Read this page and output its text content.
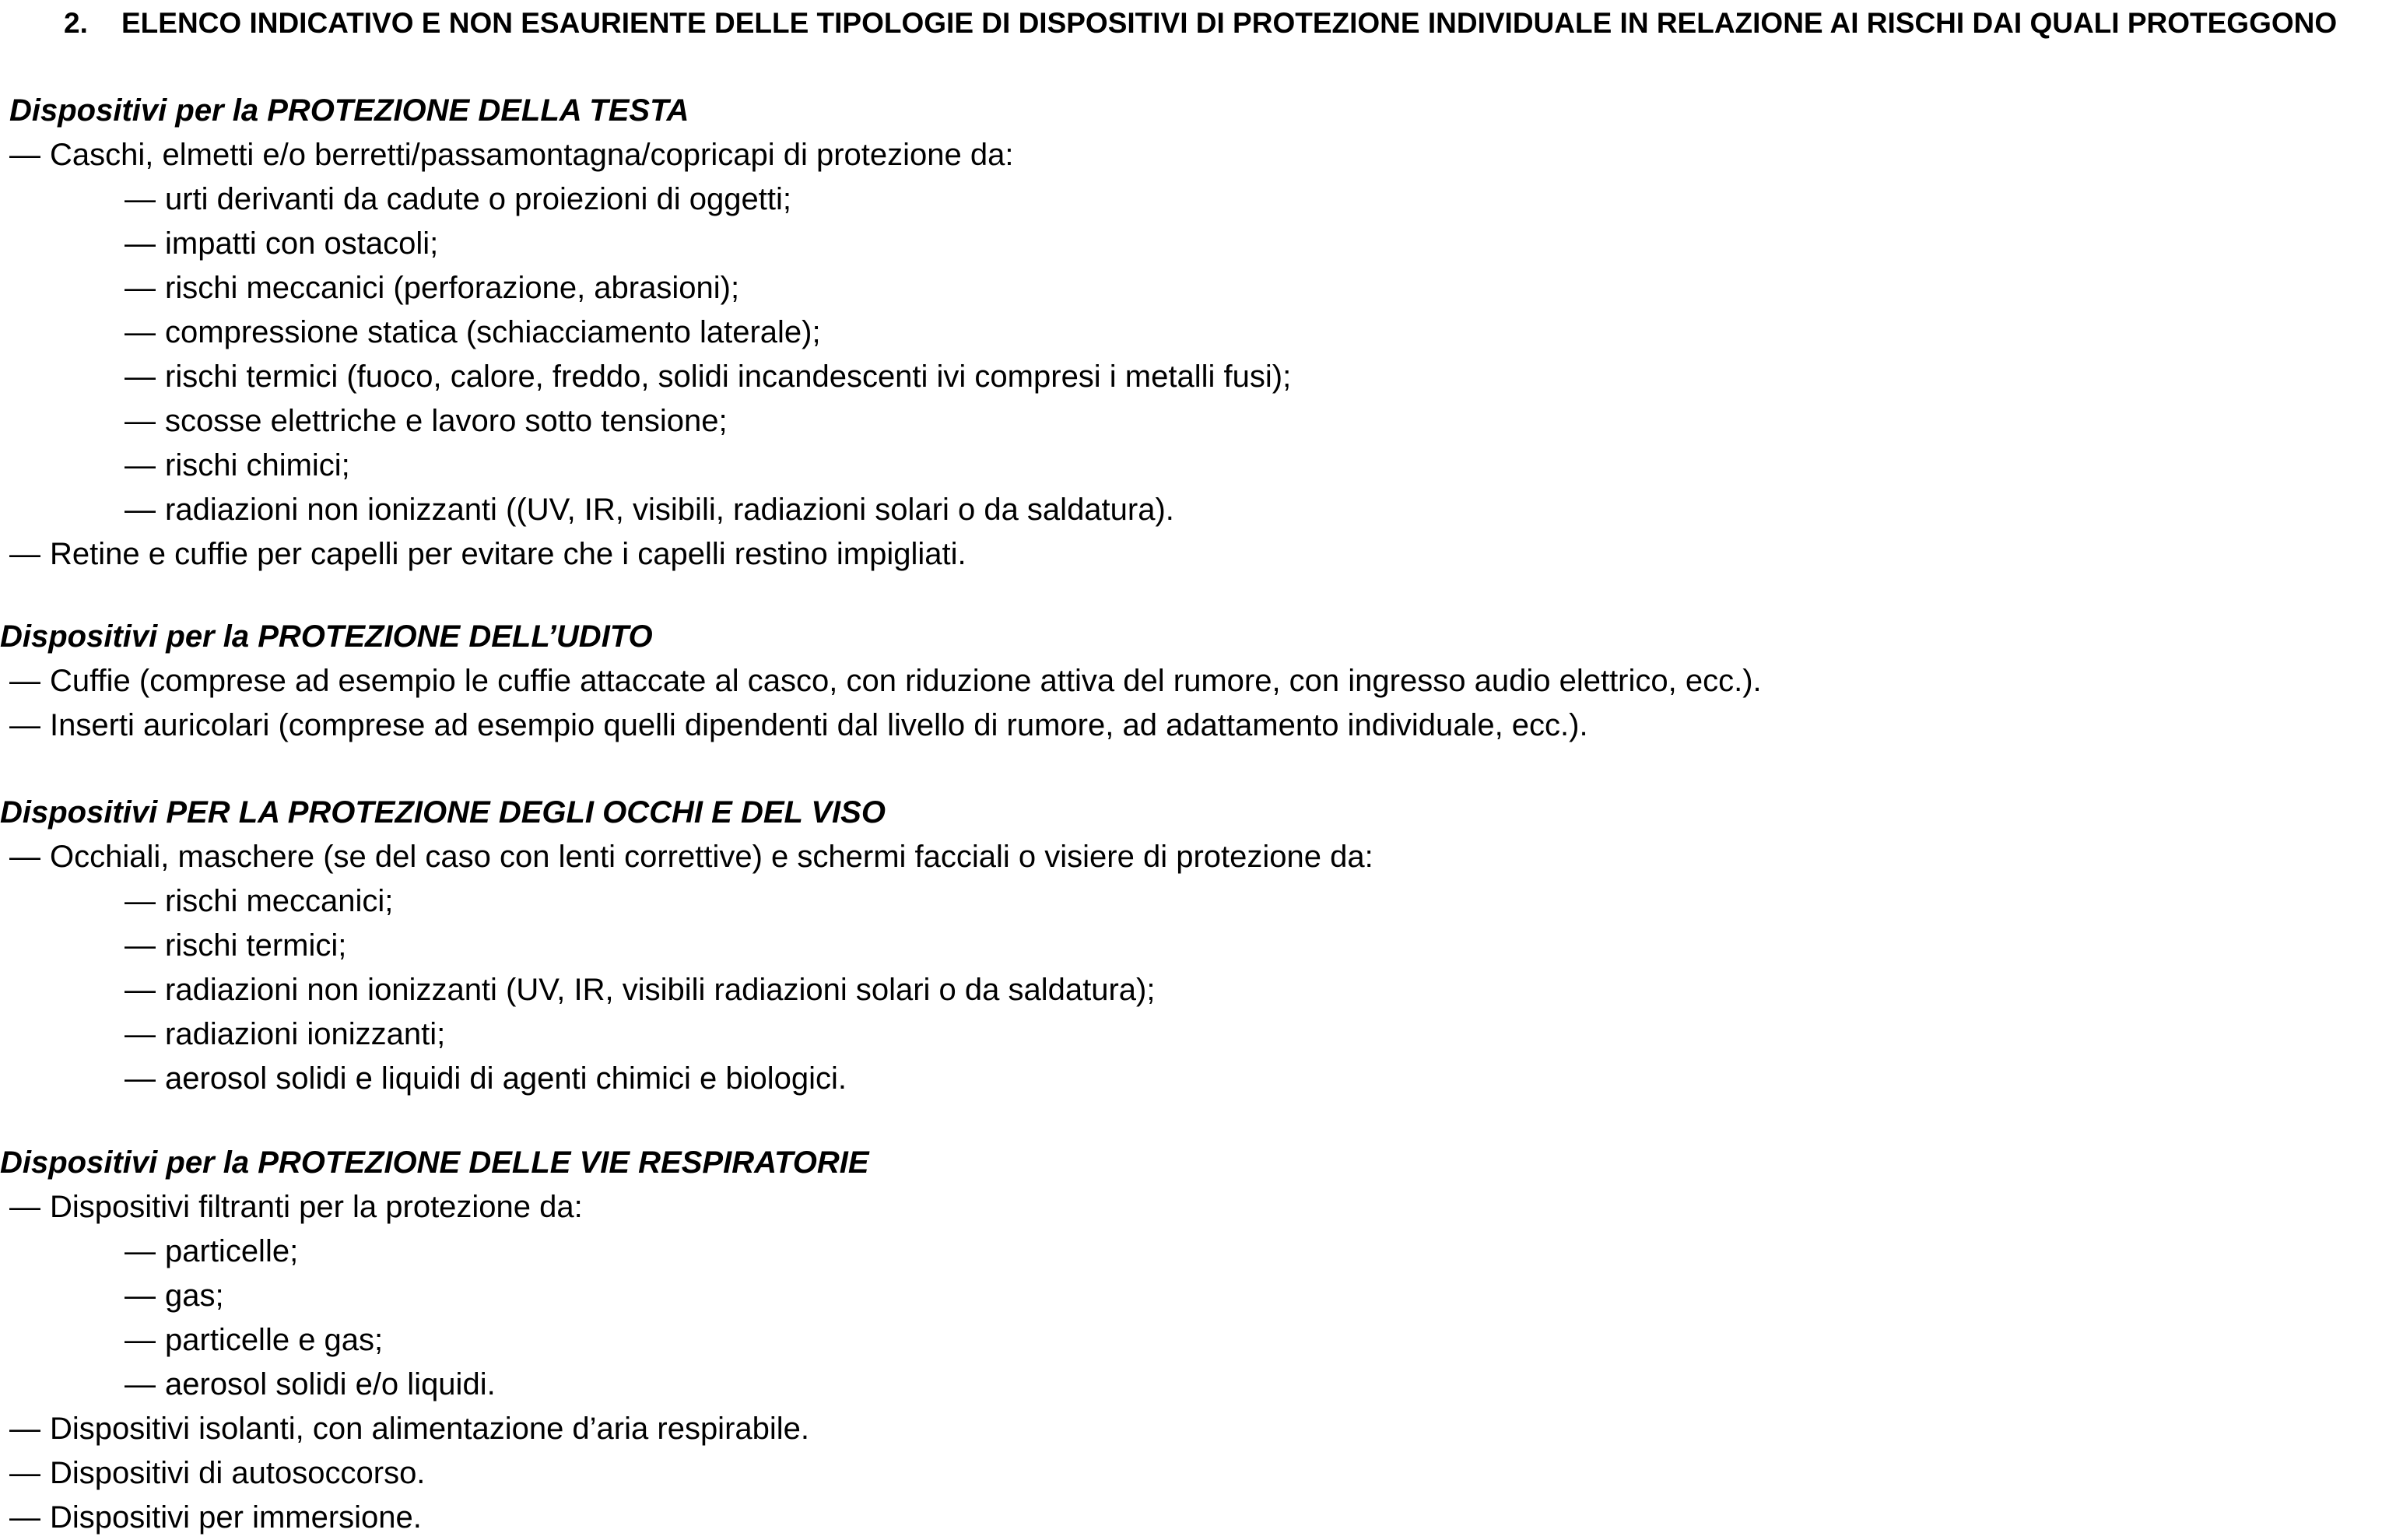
2. ELENCO INDICATIVO E NON ESAURIENTE DELLE TIPOLOGIE DI DISPOSITIVI DI PROTEZIONE INDIVIDUALE IN RELAZIONE AI RISCHI DAI QUALI PROTEGGONO
Dispositivi per la PROTEZIONE DELLA TESTA
— Caschi, elmetti e/o berretti/passamontagna/copricapi di protezione da:
— urti derivanti da cadute o proiezioni di oggetti;
— impatti con ostacoli;
— rischi meccanici (perforazione, abrasioni);
— compressione statica (schiacciamento laterale);
— rischi termici (fuoco, calore, freddo, solidi incandescenti ivi compresi i metalli fusi);
— scosse elettriche e lavoro sotto tensione;
— rischi chimici;
— radiazioni non ionizzanti ((UV, IR, visibili, radiazioni solari o da saldatura).
— Retine e cuffie per capelli per evitare che i capelli restino impigliati.
Dispositivi per la PROTEZIONE DELL’UDITO
— Cuffie (comprese ad esempio le cuffie attaccate al casco, con riduzione attiva del rumore, con ingresso audio elettrico, ecc.).
— Inserti auricolari (comprese ad esempio quelli dipendenti dal livello di rumore, ad adattamento individuale, ecc.).
Dispositivi PER LA PROTEZIONE DEGLI OCCHI E DEL VISO
— Occhiali, maschere (se del caso con lenti correttive) e schermi facciali o visiere di protezione da:
— rischi meccanici;
— rischi termici;
— radiazioni non ionizzanti (UV, IR, visibili radiazioni solari o da saldatura);
— radiazioni ionizzanti;
— aerosol solidi e liquidi di agenti chimici e biologici.
Dispositivi per la PROTEZIONE DELLE VIE RESPIRATORIE
— Dispositivi filtranti per la protezione da:
— particelle;
— gas;
— particelle e gas;
— aerosol solidi e/o liquidi.
— Dispositivi isolanti, con alimentazione d’aria respirabile.
— Dispositivi di autosoccorso.
— Dispositivi per immersione.
